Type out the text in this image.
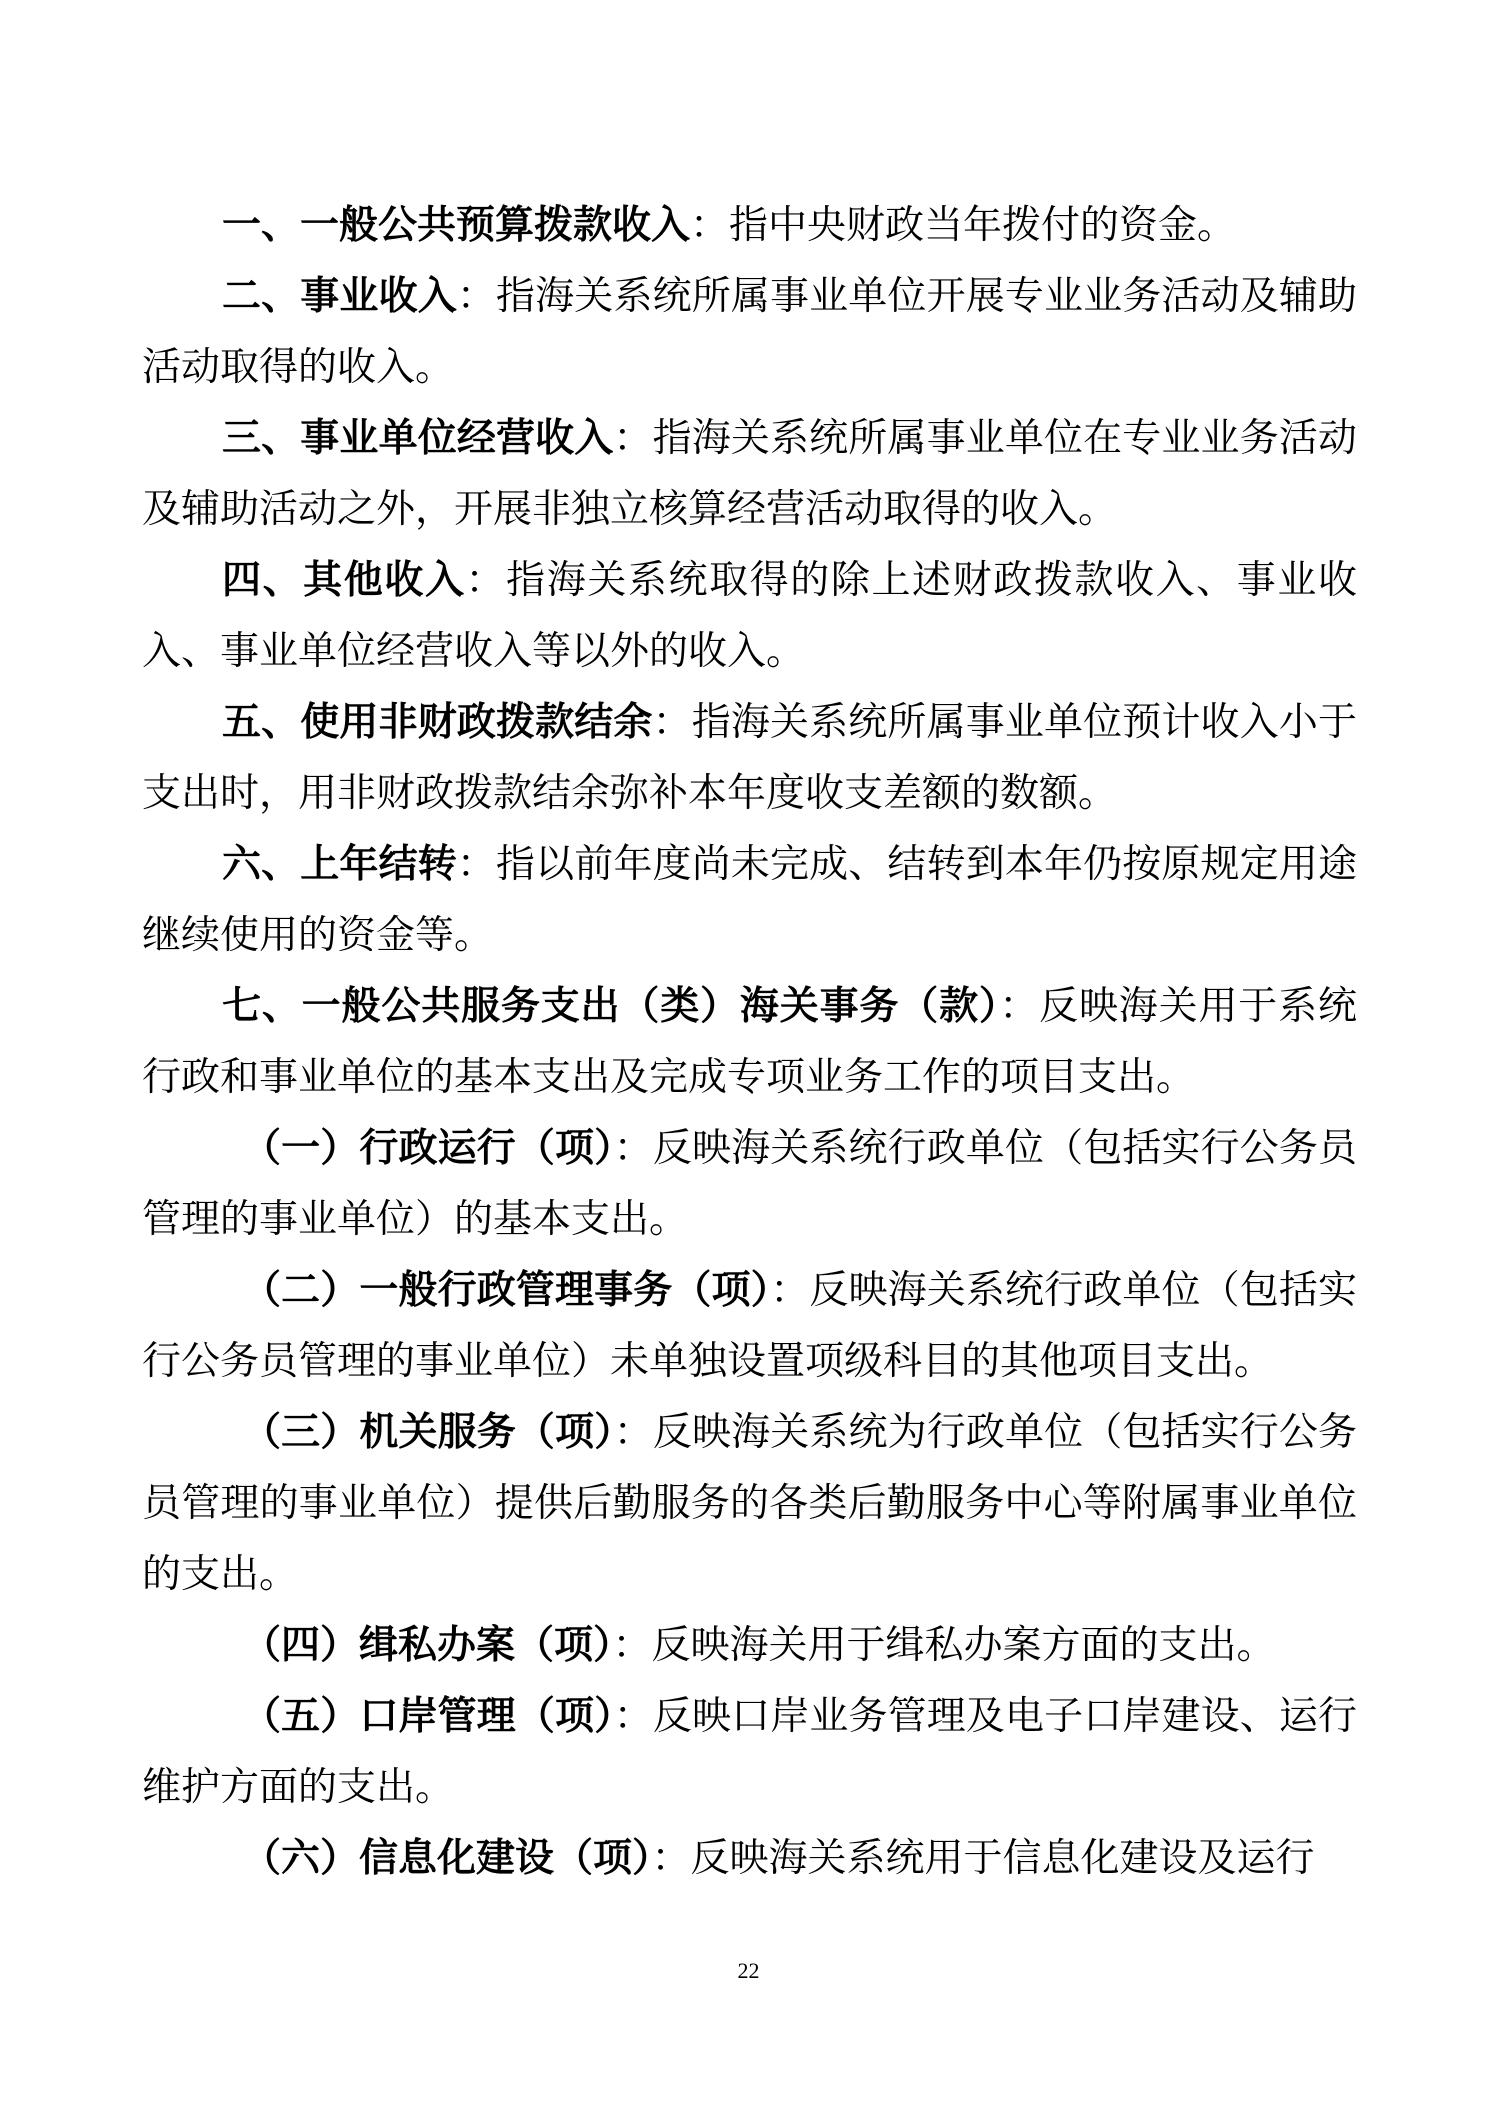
一、一般公共预算拨款收入：指中央财政当年拨付的资金。

二、事业收入：指海关系统所属事业单位开展专业业务活动及辅助活动取得的收入。

三、事业单位经营收入：指海关系统所属事业单位在专业业务活动及辅助活动之外，开展非独立核算经营活动取得的收入。

四、其他收入：指海关系统取得的除上述财政拨款收入、事业收入、事业单位经营收入等以外的收入。

五、使用非财政拨款结余：指海关系统所属事业单位预计收入小于支出时，用非财政拨款结余弥补本年度收支差额的数额。

六、上年结转：指以前年度尚未完成、结转到本年仍按原规定用途继续使用的资金等。

七、一般公共服务支出（类）海关事务（款）：反映海关用于系统行政和事业单位的基本支出及完成专项业务工作的项目支出。

（一）行政运行（项）：反映海关系统行政单位（包括实行公务员管理的事业单位）的基本支出。

（二）一般行政管理事务（项）：反映海关系统行政单位（包括实行公务员管理的事业单位）未单独设置项级科目的其他项目支出。

（三）机关服务（项）：反映海关系统为行政单位（包括实行公务员管理的事业单位）提供后勤服务的各类后勤服务中心等附属事业单位的支出。

（四）缉私办案（项）：反映海关用于缉私办案方面的支出。

（五）口岸管理（项）：反映口岸业务管理及电子口岸建设、运行维护方面的支出。

（六）信息化建设（项）：反映海关系统用于信息化建设及运行

22
